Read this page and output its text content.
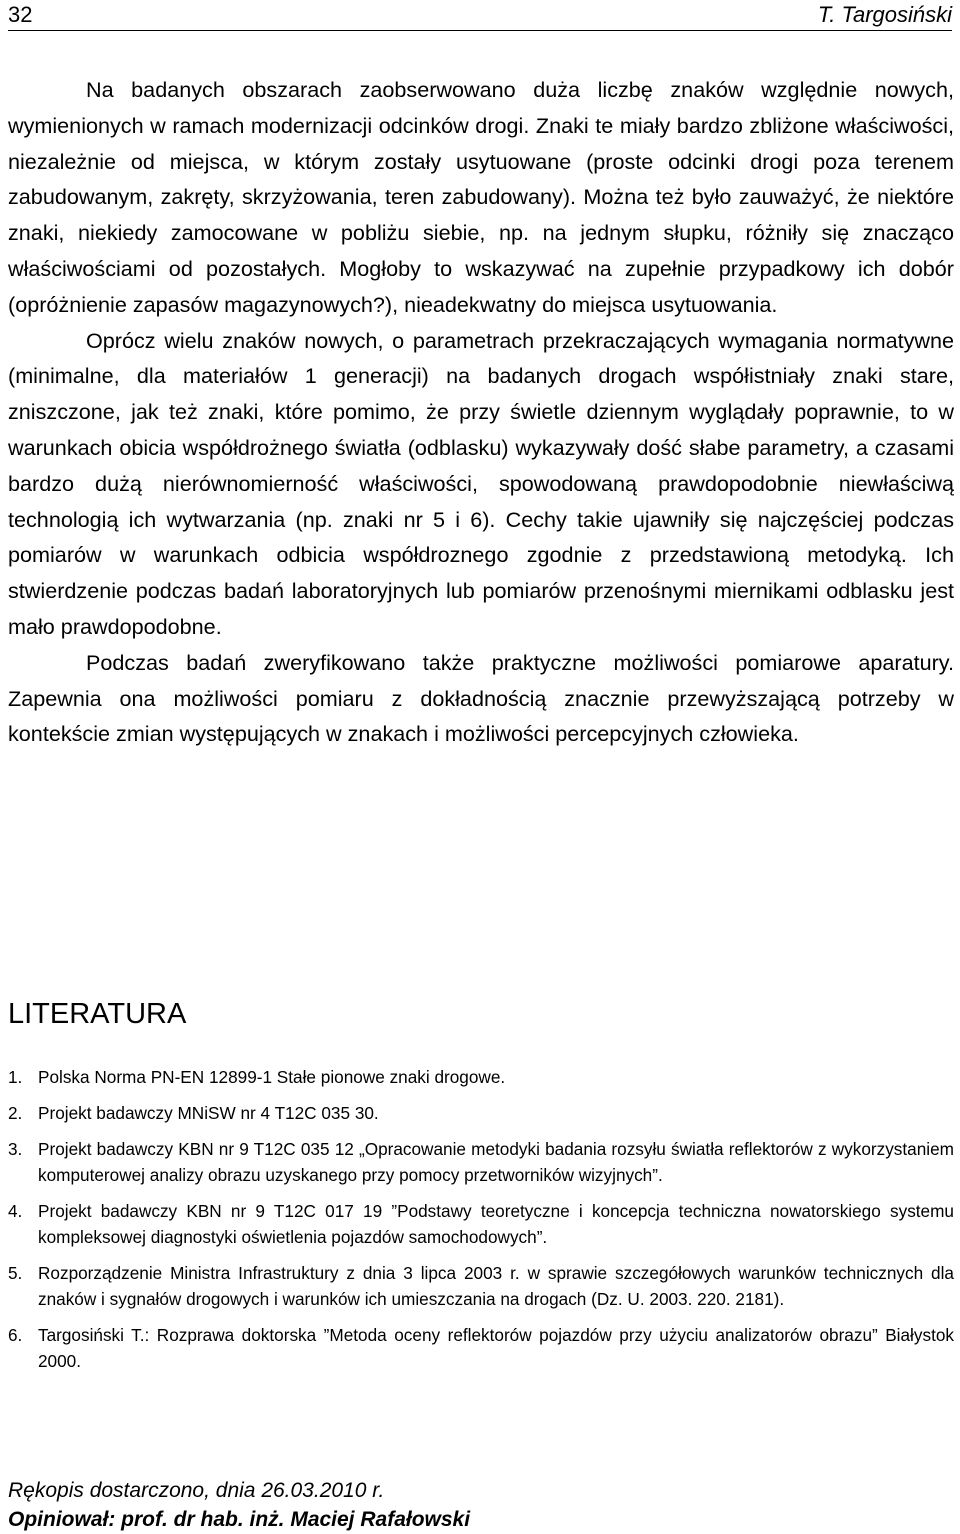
32	T. Targosiński

Na badanych obszarach zaobserwowano duża liczbę znaków względnie nowych, wymienionych w ramach modernizacji odcinków drogi. Znaki te miały bardzo zbliżone właściwości, niezależnie od miejsca, w którym zostały usytuowane (proste odcinki drogi poza terenem zabudowanym, zakręty, skrzyżowania, teren zabudowany). Można też było zauważyć, że niektóre znaki, niekiedy zamocowane w pobliżu siebie, np. na jednym słupku, różniły się znacząco właściwościami od pozostałych. Mogłoby to wskazywać na zupełnie przypadkowy ich dobór (opróżnienie zapasów magazynowych?), nieadekwatny do miejsca usytuowania.

Oprócz wielu znaków nowych, o parametrach przekraczających wymagania normatywne (minimalne, dla materiałów 1 generacji) na badanych drogach współistniały znaki stare, zniszczone, jak też znaki, które pomimo, że przy świetle dziennym wyglądały poprawnie, to w warunkach obicia współdrożnego światła (odblasku) wykazywały dość słabe parametry, a czasami bardzo dużą nierównomierność właściwości, spowodowaną prawdopodobnie niewłaściwą technologią ich wytwarzania (np. znaki nr 5 i 6). Cechy takie ujawniły się najczęściej podczas pomiarów w warunkach odbicia współdroznego zgodnie z przedstawioną metodyką. Ich stwierdzenie podczas badań laboratoryjnych lub pomiarów przenośnymi miernikami odblasku jest mało prawdopodobne.

Podczas badań zweryfikowano także praktyczne możliwości pomiarowe aparatury. Zapewnia ona możliwości pomiaru z dokładnością znacznie przewyższającą potrzeby w kontekście zmian występujących w znakach i możliwości percepcyjnych człowieka.

LITERATURA
1. Polska Norma PN-EN 12899-1 Stałe pionowe znaki drogowe.
2. Projekt badawczy MNiSW nr 4 T12C 035 30.
3. Projekt badawczy KBN nr 9 T12C 035 12 „Opracowanie metodyki badania rozsyłu światła reflektorów z wykorzystaniem komputerowej analizy obrazu uzyskanego przy pomocy przetworników wizyjnych”.
4. Projekt badawczy KBN nr 9 T12C 017 19 ”Podstawy teoretyczne i koncepcja techniczna nowatorskiego systemu kompleksowej diagnostyki oświetlenia pojazdów samochodowych”.
5. Rozporządzenie Ministra Infrastruktury z dnia 3 lipca 2003 r. w sprawie szczegółowych warunków technicznych dla znaków i sygnałów drogowych i warunków ich umieszczania na drogach (Dz. U. 2003. 220. 2181).
6. Targosiński T.: Rozprawa doktorska ”Metoda oceny reflektorów pojazdów przy użyciu analizatorów obrazu” Białystok 2000.
Rękopis dostarczono, dnia 26.03.2010 r.
Opiniował: prof. dr hab. inż. Maciej Rafałowski
